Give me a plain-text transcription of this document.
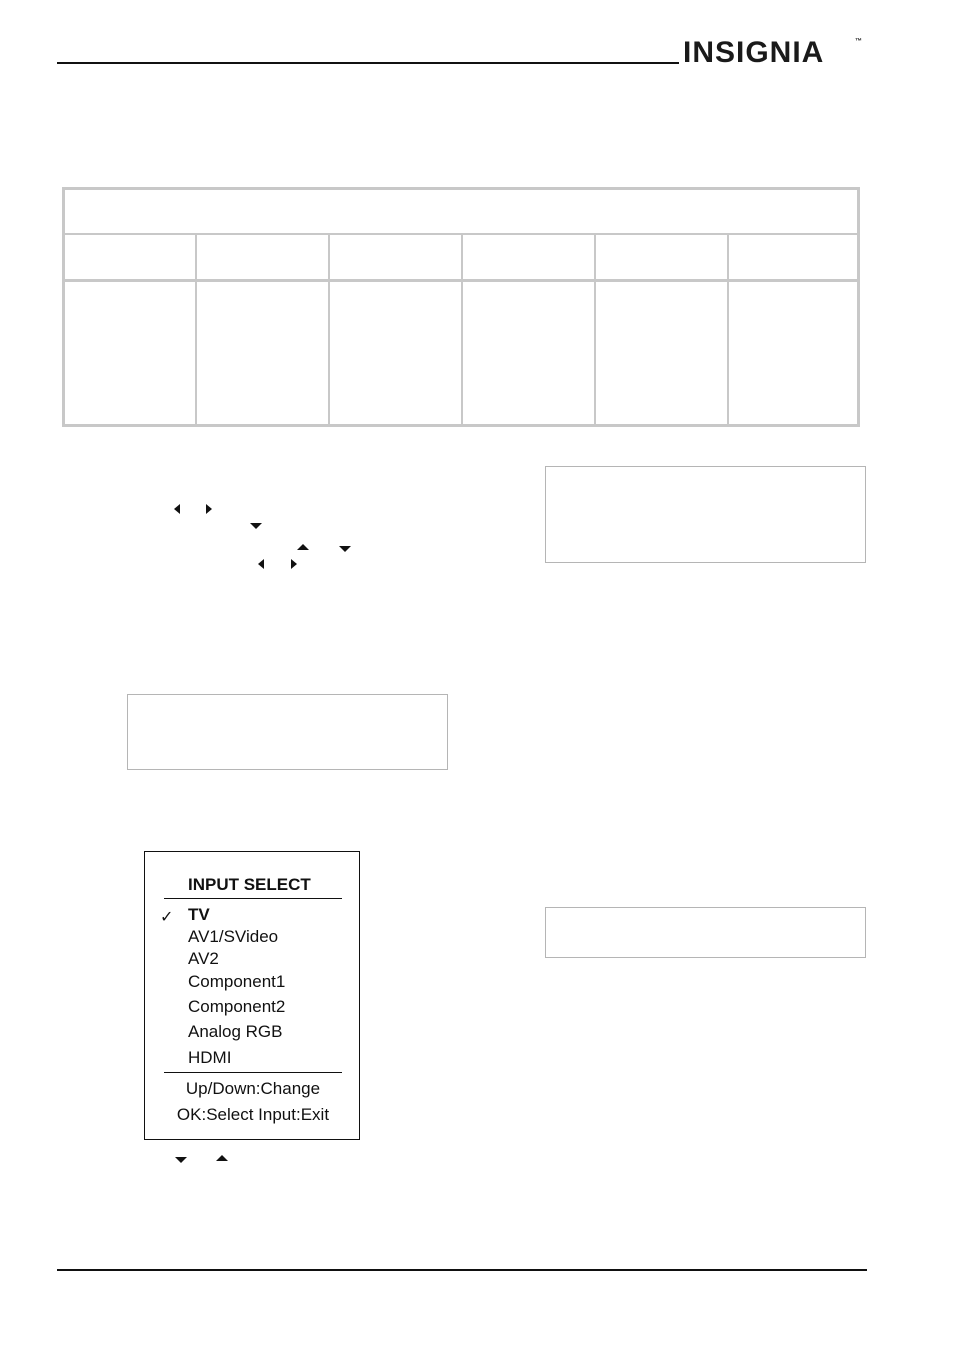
INSIGNIA	™
INPUT SELECT
✓ TV
AV1/SVideo
AV2
Component1
Component2
Analog RGB
HDMI
Up/Down:Change
OK:Select Input:Exit
